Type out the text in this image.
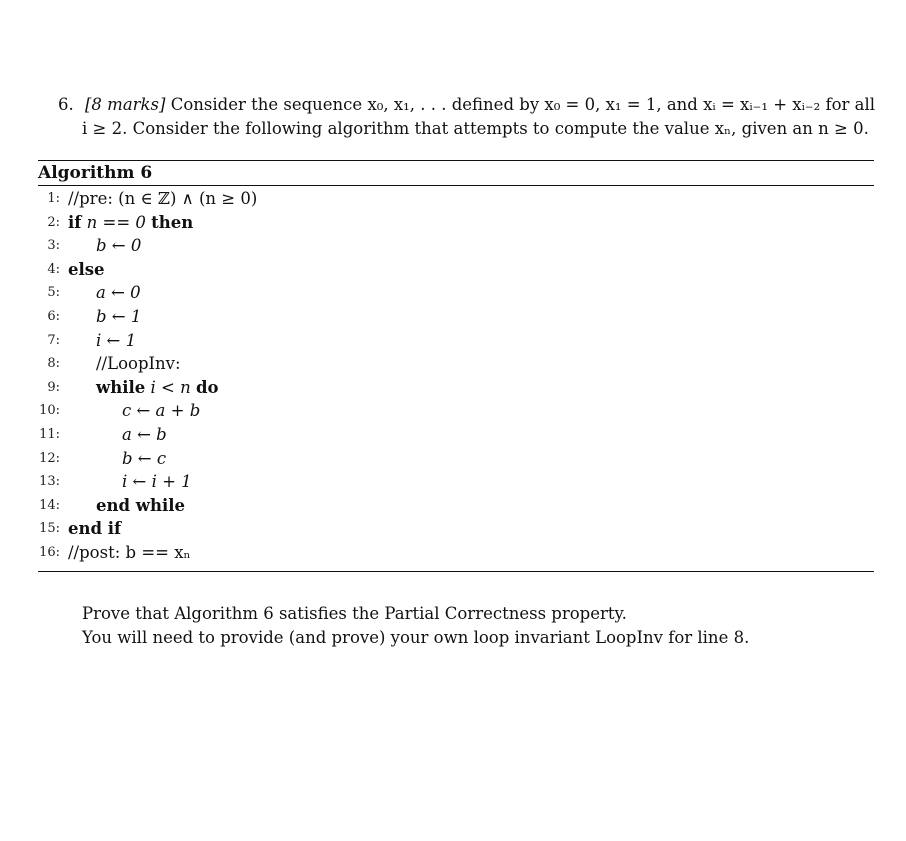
6. [8 marks] Consider the sequence x₀, x₁, . . . defined by x₀ = 0, x₁ = 1, and xᵢ = xᵢ₋₁ + xᵢ₋₂ for all
i ≥ 2. Consider the following algorithm that attempts to compute the value xₙ, given an n ≥ 0.
Algorithm 6
1: //pre: (n ∈ ℤ) ∧ (n ≥ 0)
2: if n == 0 then
3: b ← 0
4: else
5: a ← 0
6: b ← 1
7: i ← 1
8: //LoopInv:
9: while i < n do
10:	c ← a + b
11:	a ← b
12:	b ← c
13:	i ← i + 1
14: end while
15: end if
16: //post: b == xₙ

Prove that Algorithm 6 satisfies the Partial Correctness property.

You will need to provide (and prove) your own loop invariant LoopInv for line 8.
